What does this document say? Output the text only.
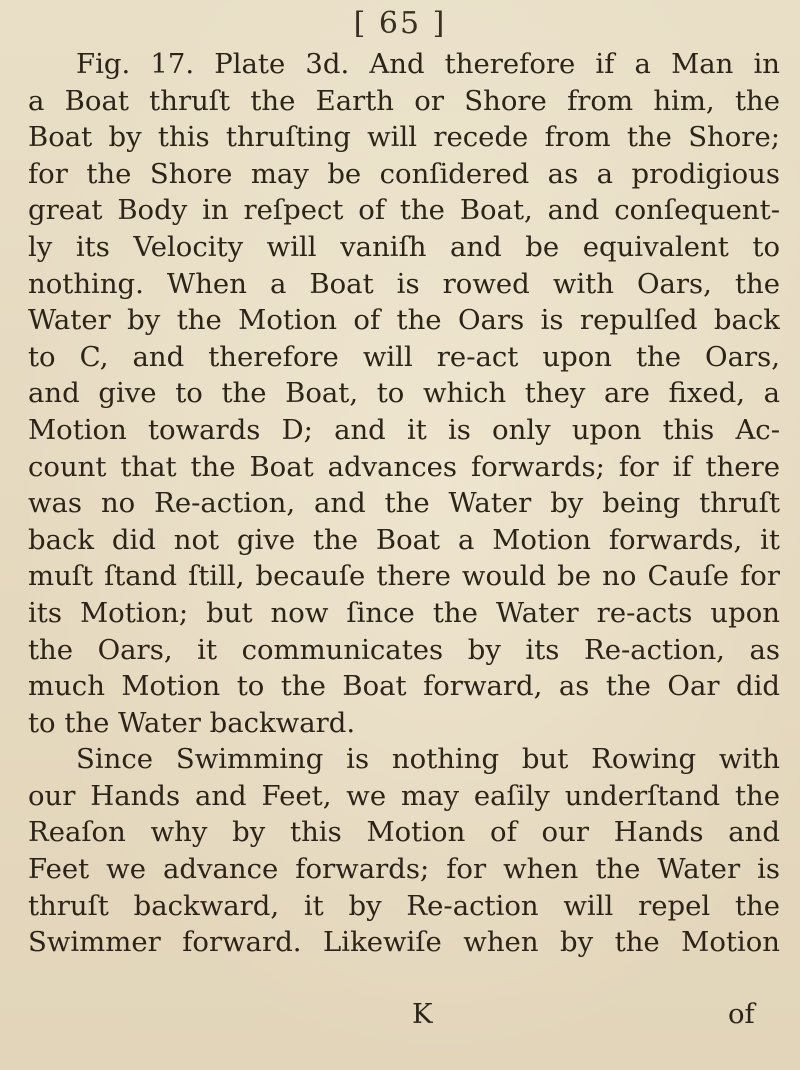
[ 65 ]
Fig. 17. Plate 3d. And therefore if a Man in
a Boat thruſt the Earth or Shore from him, the
Boat by this thruſting will recede from the Shore;
for the Shore may be conſidered as a prodigious
great Body in reſpect of the Boat, and conſequent-
ly its Velocity will vaniſh and be equivalent to
nothing. When a Boat is rowed with Oars, the
Water by the Motion of the Oars is repulſed back
to C, and therefore will re-act upon the Oars,
and give to the Boat, to which they are fixed, a
Motion towards D; and it is only upon this Ac-
count that the Boat advances forwards; for if there
was no Re-action, and the Water by being thruſt
back did not give the Boat a Motion forwards, it
muſt ſtand ſtill, becauſe there would be no Cauſe for
its Motion; but now ſince the Water re-acts upon
the Oars, it communicates by its Re-action, as
much Motion to the Boat forward, as the Oar did
to the Water backward.
Since Swimming is nothing but Rowing with
our Hands and Feet, we may eaſily underſtand the
Reaſon why by this Motion of our Hands and
Feet we advance forwards; for when the Water is
thruſt backward, it by Re-action will repel the
Swimmer forward. Likewiſe when by the Motion
K	of
